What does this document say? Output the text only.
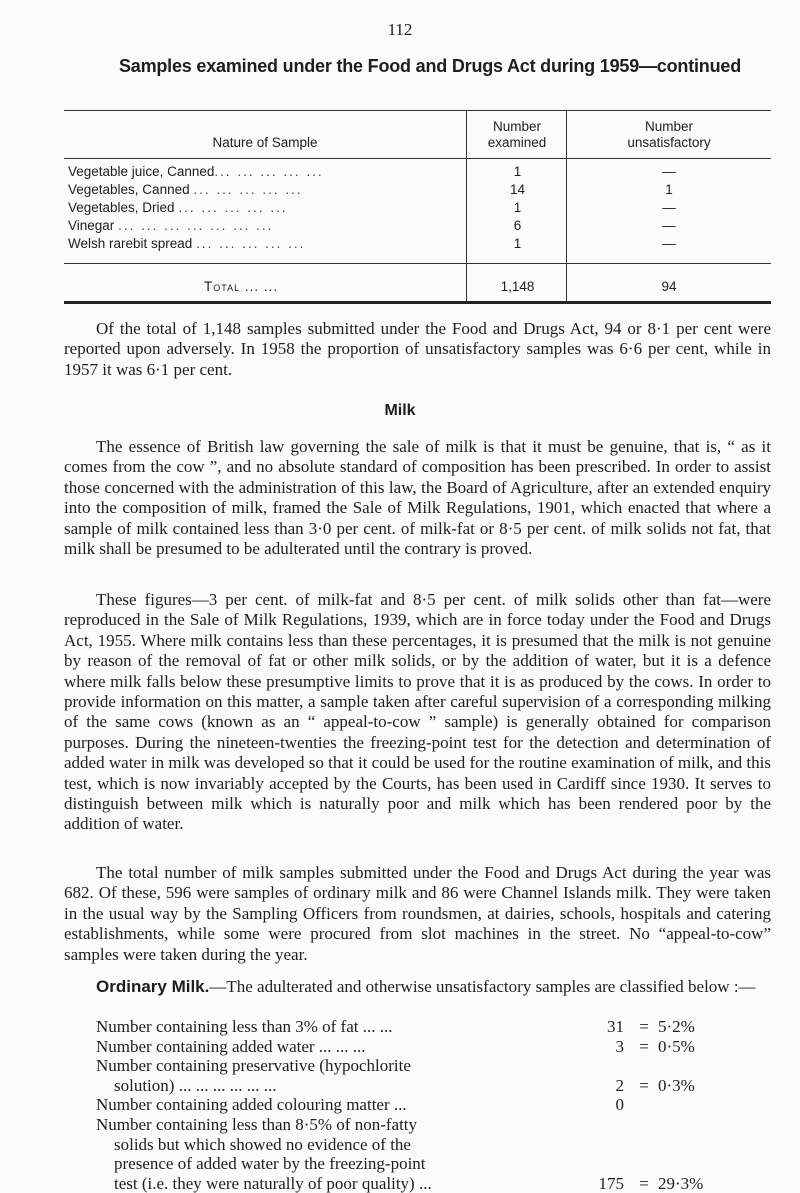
112
Samples examined under the Food and Drugs Act during 1959—continued
Nature of Sample
Number examined
Number unsatisfactory
Vegetable juice, Canned... ... ... ... ...	1	—
Vegetables, Canned ... ... ... ... ...	14	1
Vegetables, Dried ... ... ... ... ...	1	—
Vinegar ... ... ... ... ... ... ...	6	—
Welsh rarebit spread ... ... ... ... ...	1	—
Total ... ...	1,148	94
Of the total of 1,148 samples submitted under the Food and Drugs Act, 94 or 8·1 per cent were reported upon adversely. In 1958 the proportion of unsatisfactory samples was 6·6 per cent, while in 1957 it was 6·1 per cent.
Milk
The essence of British law governing the sale of milk is that it must be genuine, that is, “ as it comes from the cow ”, and no absolute standard of composition has been prescribed. In order to assist those concerned with the administration of this law, the Board of Agriculture, after an extended enquiry into the composition of milk, framed the Sale of Milk Regulations, 1901, which enacted that where a sample of milk contained less than 3·0 per cent. of milk-fat or 8·5 per cent. of milk solids not fat, that milk shall be presumed to be adulterated until the contrary is proved.
These figures—3 per cent. of milk-fat and 8·5 per cent. of milk solids other than fat—were reproduced in the Sale of Milk Regulations, 1939, which are in force today under the Food and Drugs Act, 1955. Where milk contains less than these percentages, it is presumed that the milk is not genuine by reason of the removal of fat or other milk solids, or by the addition of water, but it is a defence where milk falls below these presumptive limits to prove that it is as produced by the cows. In order to provide information on this matter, a sample taken after careful supervision of a corresponding milking of the same cows (known as an “ appeal-to-cow ” sample) is generally obtained for comparison purposes. During the nineteen-twenties the freezing-point test for the detection and determination of added water in milk was developed so that it could be used for the routine examination of milk, and this test, which is now invariably accepted by the Courts, has been used in Cardiff since 1930. It serves to distinguish between milk which is naturally poor and milk which has been rendered poor by the addition of water.
The total number of milk samples submitted under the Food and Drugs Act during the year was 682. Of these, 596 were samples of ordinary milk and 86 were Channel Islands milk. They were taken in the usual way by the Sampling Officers from roundsmen, at dairies, schools, hospitals and catering establishments, while some were procured from slot machines in the street. No “appeal-to-cow” samples were taken during the year.
Ordinary Milk.—The adulterated and otherwise unsatisfactory samples are classified below :—
Number containing less than 3% of fat ... ...	31 = 5·2%
Number containing added water ... ... ...	3 = 0·5%
Number containing preservative (hypochlorite
solution) ... ... ... ... ... ...	2 = 0·3%
Number containing added colouring matter ...	0
Number containing less than 8·5% of non-fatty
solids but which showed no evidence of the
presence of added water by the freezing-point
test (i.e. they were naturally of poor quality) ...	175 = 29·3%
